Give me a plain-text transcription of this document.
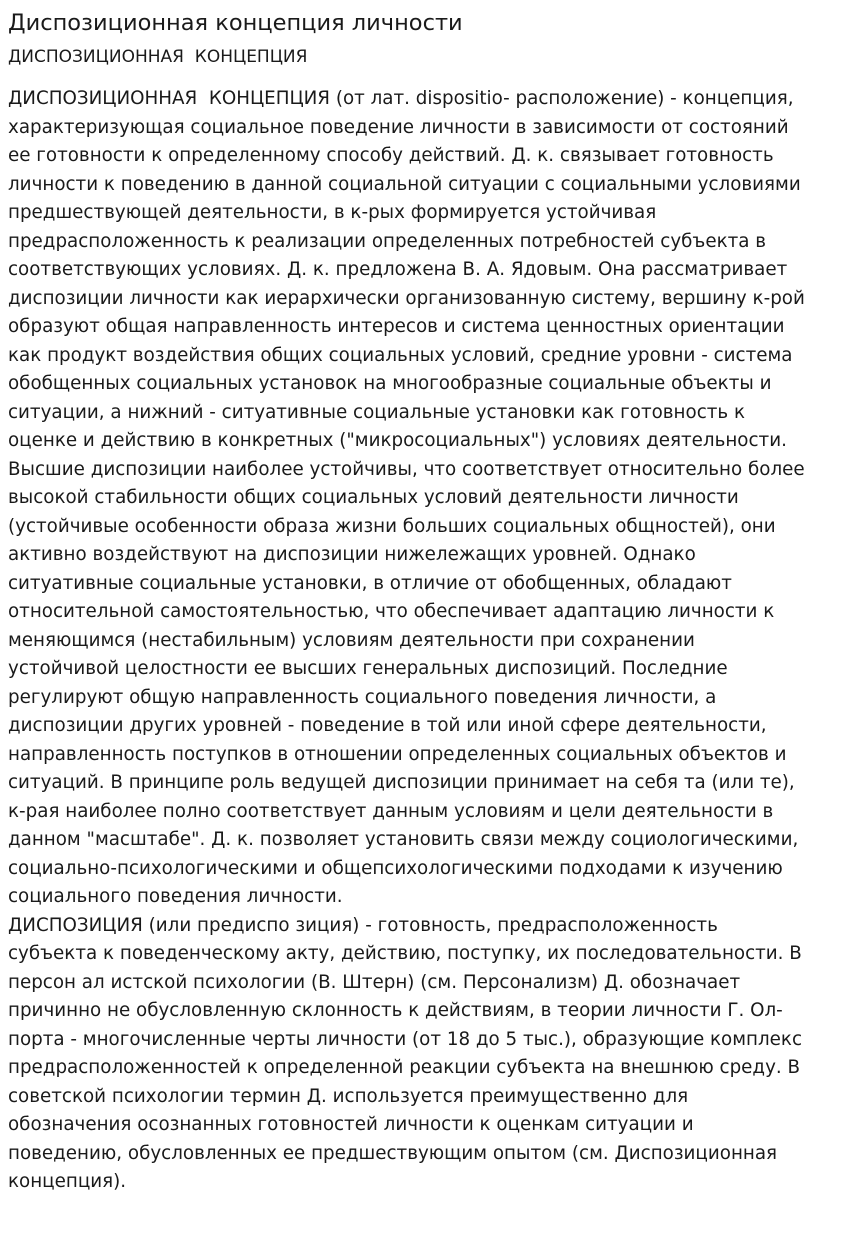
Диспозиционная концепция личности
ДИСПОЗИЦИОННАЯ  КОНЦЕПЦИЯ
ДИСПОЗИЦИОННАЯ  КОНЦЕПЦИЯ (от лат. dispositio- расположение) - концепция,
характеризующая социальное поведение личности в зависимости от состояний
ее готовности к определенному способу действий. Д. к. связывает готовность
личности к поведению в данной социальной ситуации с социальными условиями
предшествующей деятельности, в к-рых формируется устойчивая
предрасположенность к реализации определенных потребностей субъекта в
соответствующих условиях. Д. к. предложена В. А. Ядовым. Она рассматривает
диспозиции личности как иерархически организованную систему, вершину к-рой
образуют общая направленность интересов и система ценностных ориентации
как продукт воздействия общих социальных условий, средние уровни - система
обобщенных социальных установок на многообразные социальные объекты и
ситуации, а нижний - ситуативные социальные установки как готовность к
оценке и действию в конкретных ("микросоциальных") условиях деятельности.
Высшие диспозиции наиболее устойчивы, что соответствует относительно более
высокой стабильности общих социальных условий деятельности личности
(устойчивые особенности образа жизни больших социальных общностей), они
активно воздействуют на диспозиции нижележащих уровней. Однако
ситуативные социальные установки, в отличие от обобщенных, обладают
относительной самостоятельностью, что обеспечивает адаптацию личности к
меняющимся (нестабильным) условиям деятельности при сохранении
устойчивой целостности ее высших генеральных диспозиций. Последние
регулируют общую направленность социального поведения личности, а
диспозиции других уровней - поведение в той или иной сфере деятельности,
направленность поступков в отношении определенных социальных объектов и
ситуаций. В принципе роль ведущей диспозиции принимает на себя та (или те),
к-рая наиболее полно соответствует данным условиям и цели деятельности в
данном "масштабе". Д. к. позволяет установить связи между социологическими,
социально-психологическими и общепсихологическими подходами к изучению
социального поведения личности.
ДИСПОЗИЦИЯ (или предиспо зиция) - готовность, предрасположенность
субъекта к поведенческому акту, действию, поступку, их последовательности. В
персон ал истской психологии (В. Штерн) (см. Персонализм) Д. обозначает
причинно не обусловленную склонность к действиям, в теории личности Г. Ол-
порта - многочисленные черты личности (от 18 до 5 тыс.), образующие комплекс
предрасположенностей к определенной реакции субъекта на внешнюю среду. В
советской психологии термин Д. используется преимущественно для
обозначения осознанных готовностей личности к оценкам ситуации и
поведению, обусловленных ее предшествующим опытом (см. Диспозиционная
концепция).
